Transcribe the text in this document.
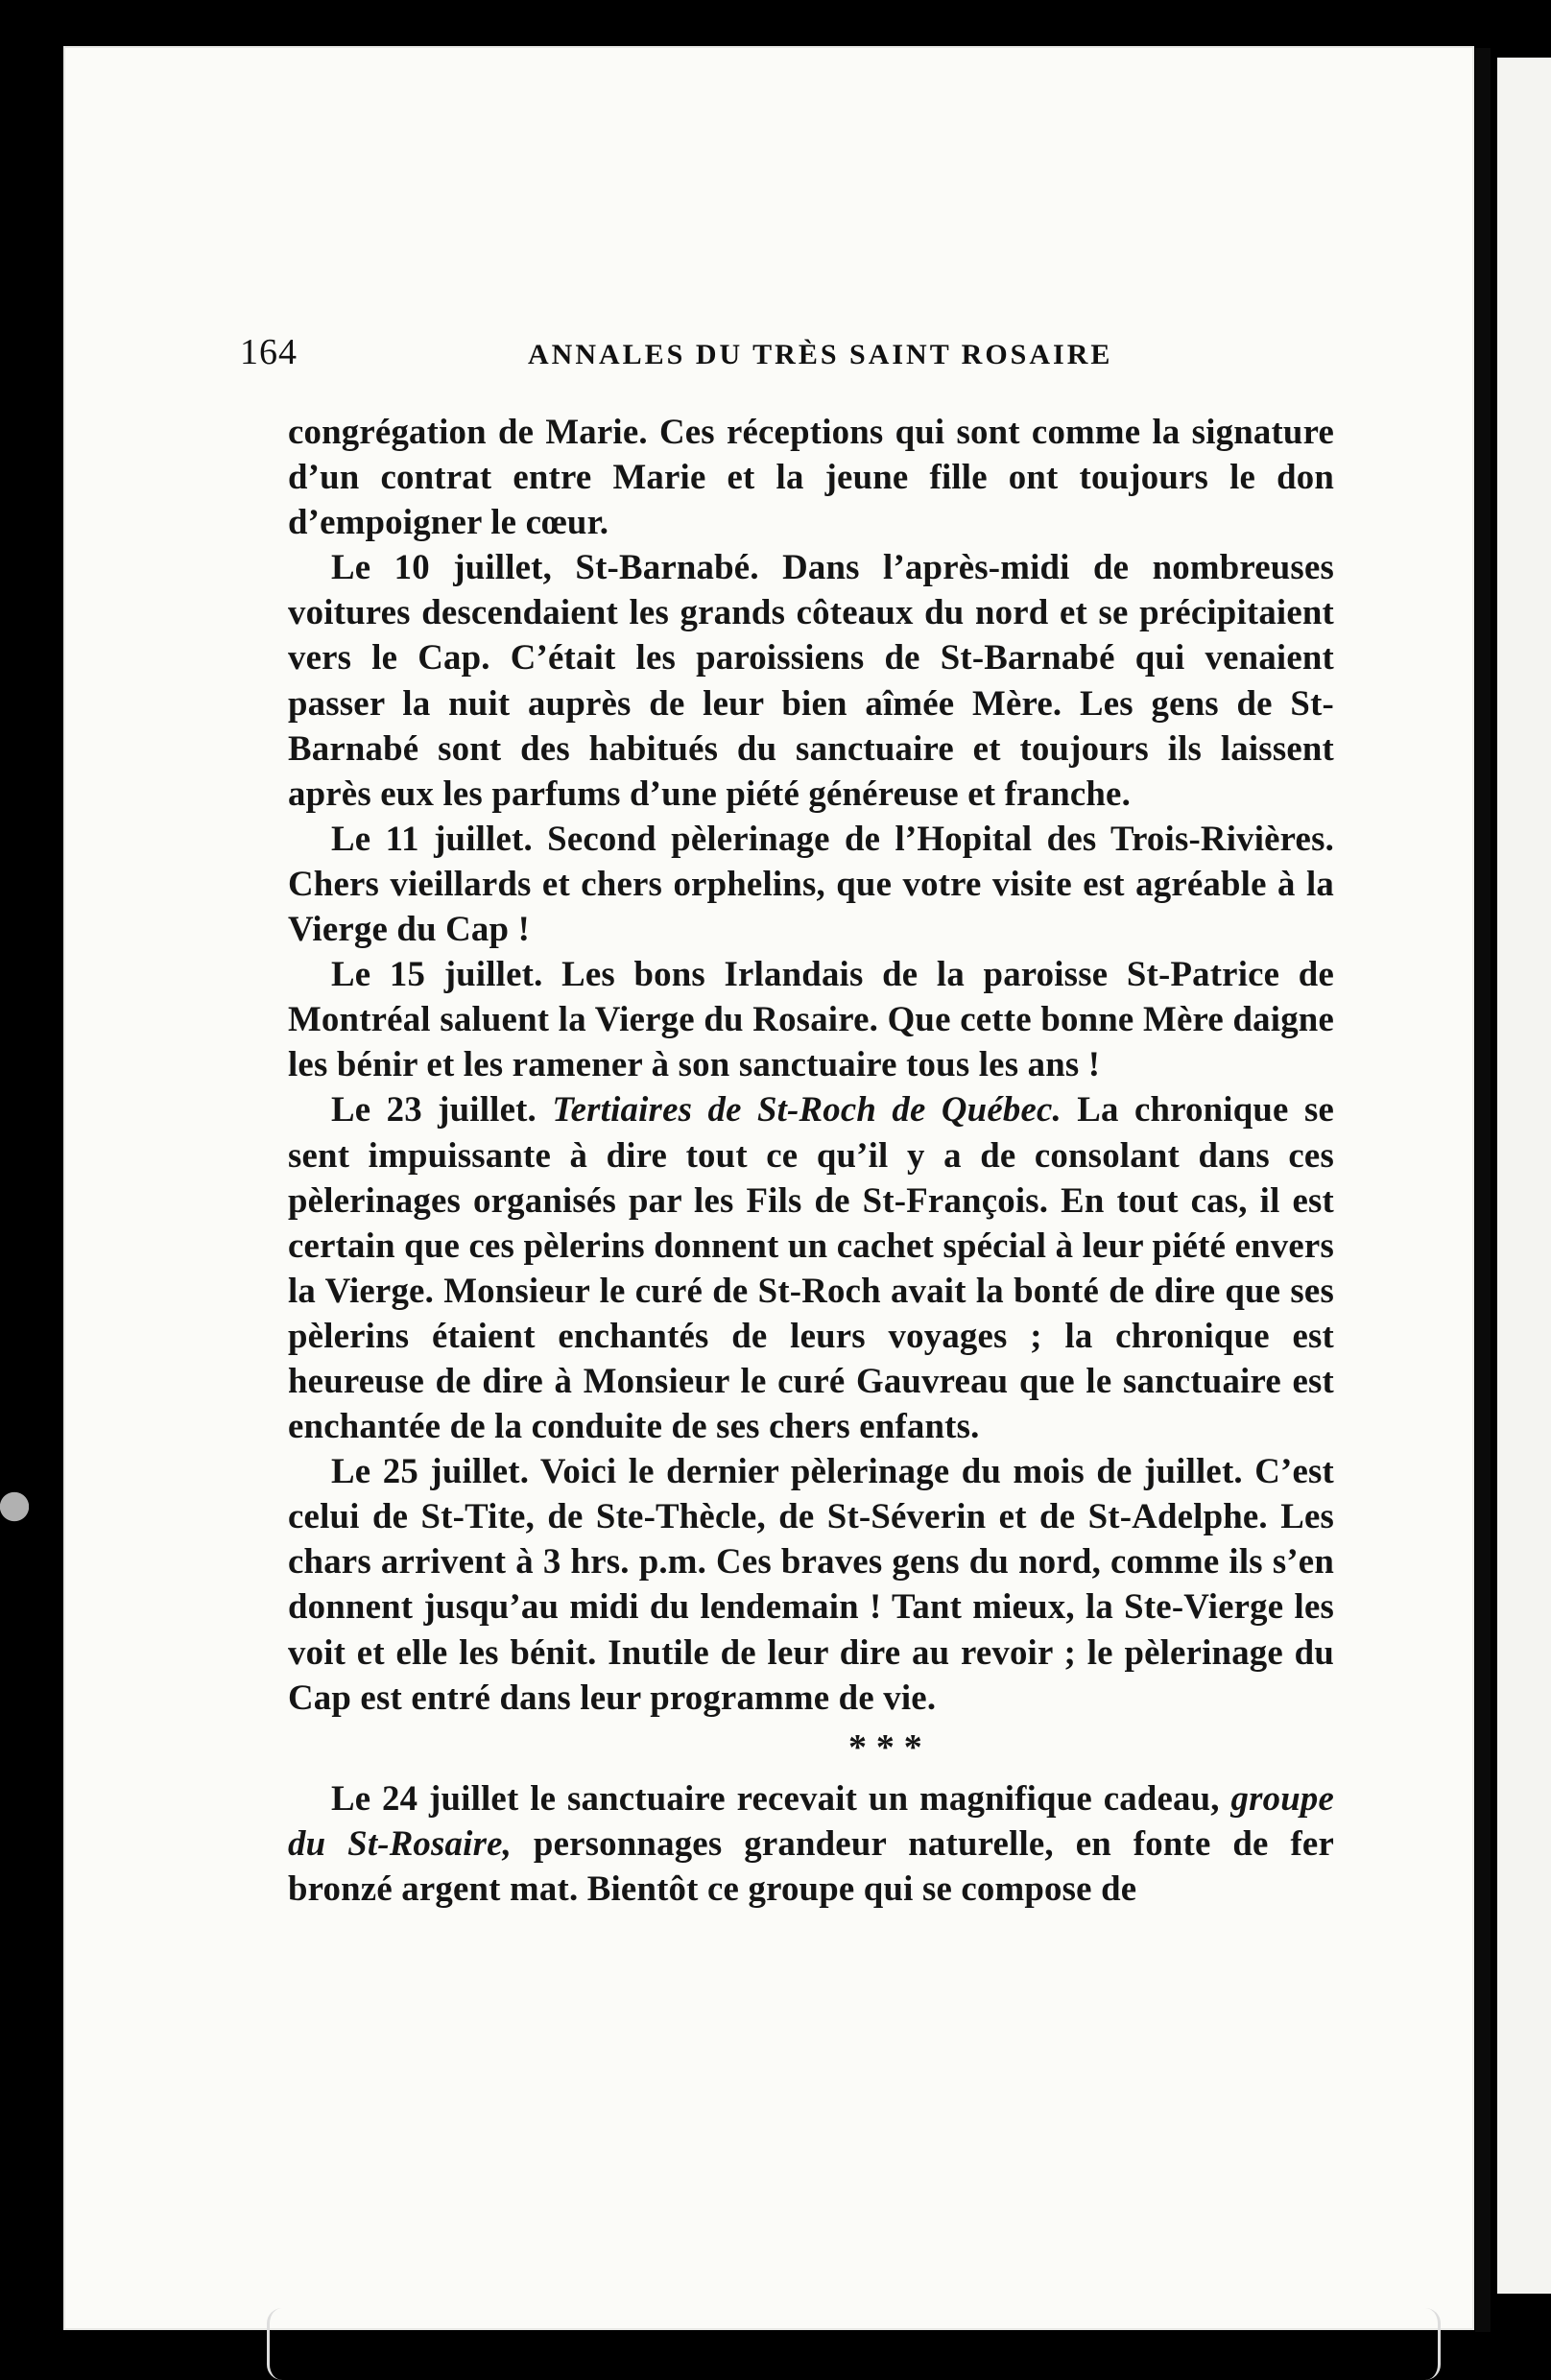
164	ANNALES DU TRÈS SAINT ROSAIRE

congrégation de Marie. Ces réceptions qui sont comme la signature d’un contrat entre Marie et la jeune fille ont toujours le don d’empoigner le cœur.

Le 10 juillet, St-Barnabé. Dans l’après-midi de nombreuses voitures descendaient les grands côteaux du nord et se précipitaient vers le Cap. C’était les paroissiens de St-Barnabé qui venaient passer la nuit auprès de leur bien aîmée Mère. Les gens de St-Barnabé sont des habitués du sanctuaire et toujours ils laissent après eux les parfums d’une piété généreuse et franche.

Le 11 juillet. Second pèlerinage de l’Hopital des Trois-Rivières. Chers vieillards et chers orphelins, que votre visite est agréable à la Vierge du Cap !

Le 15 juillet. Les bons Irlandais de la paroisse St-Patrice de Montréal saluent la Vierge du Rosaire. Que cette bonne Mère daigne les bénir et les ramener à son sanctuaire tous les ans !

Le 23 juillet. Tertiaires de St-Roch de Québec. La chronique se sent impuissante à dire tout ce qu’il y a de consolant dans ces pèlerinages organisés par les Fils de St-François. En tout cas, il est certain que ces pèlerins donnent un cachet spécial à leur piété envers la Vierge. Monsieur le curé de St-Roch avait la bonté de dire que ses pèlerins étaient enchantés de leurs voyages ; la chronique est heureuse de dire à Monsieur le curé Gauvreau que le sanctuaire est enchantée de la conduite de ses chers enfants.

Le 25 juillet. Voici le dernier pèlerinage du mois de juillet. C’est celui de St-Tite, de Ste-Thècle, de St-Séverin et de St-Adelphe. Les chars arrivent à 3 hrs. p.m. Ces braves gens du nord, comme ils s’en donnent jusqu’au midi du lendemain ! Tant mieux, la Ste-Vierge les voit et elle les bénit. Inutile de leur dire au revoir ; le pèlerinage du Cap est entré dans leur programme de vie.

* * *

Le 24 juillet le sanctuaire recevait un magnifique cadeau, groupe du St-Rosaire, personnages grandeur naturelle, en fonte de fer bronzé argent mat. Bientôt ce groupe qui se compose de
